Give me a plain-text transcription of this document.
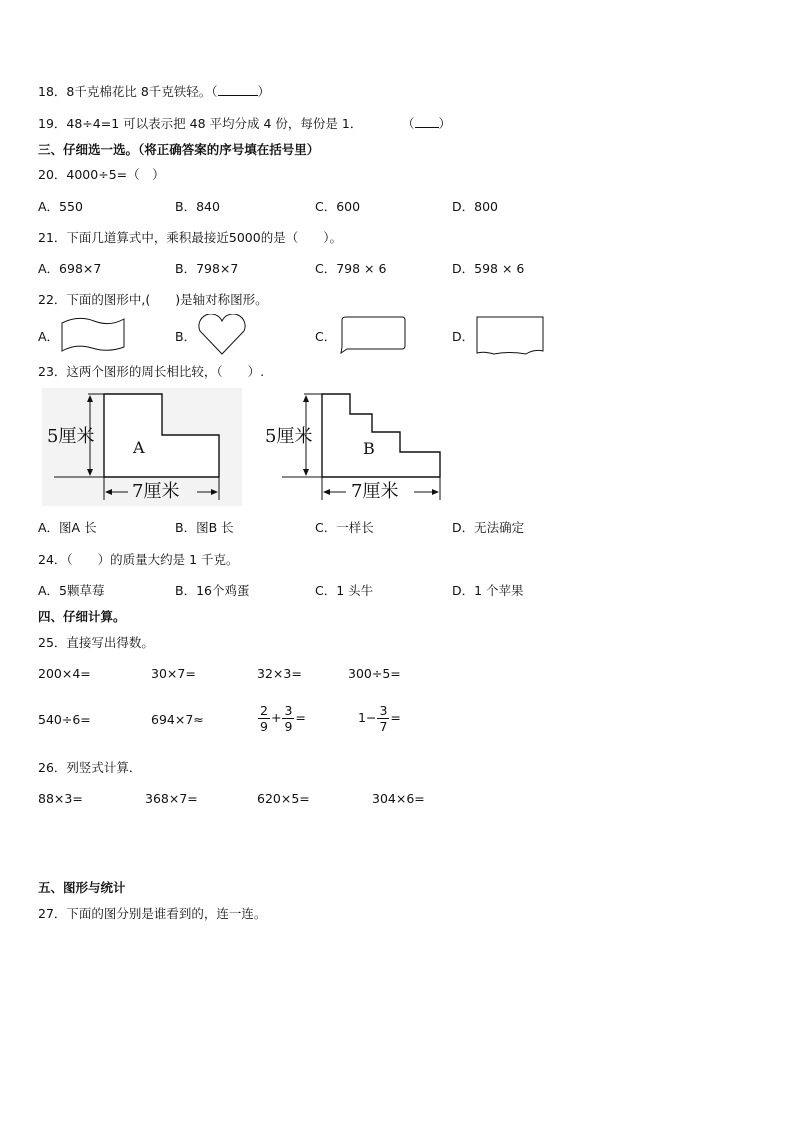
18．8千克棉花比 8千克铁轻。（	）
19．48÷4=1 可以表示把 48 平均分成 4 份，每份是 1．	（ ）
三、仔细选一选。（将正确答案的序号填在括号里）
20．4000÷5=（　）
A．550	B．840	C．600	D．800
21．下面几道算式中，乘积最接近5000的是（　　）。
A．698×7	B．798×7	C．798 × 6	D．598 × 6
22．下面的图形中,(　　)是轴对称图形。
A．	B．	C．	D．
23．这两个图形的周长相比较，（　　）.
5厘米
A
7厘米
5厘米
B
7厘米
A．图A 长	B．图B 长	C．一样长	D．无法确定
24．（　　）的质量大约是 1 千克。
A．5颗草莓	B．16个鸡蛋	C．1 头牛	D．1 个苹果
四、仔细计算。
25．直接写出得数。
200×4=	30×7=	32×3=	300÷5=
540÷6=	694×7≈	$\frac{2}{9} + \frac{3}{9}$ =	$1- \frac{3}{7}$ =
26．列竖式计算．
88×3=	368×7=	620×5=	304×6=
五、图形与统计
27．下面的图分别是谁看到的，连一连。
